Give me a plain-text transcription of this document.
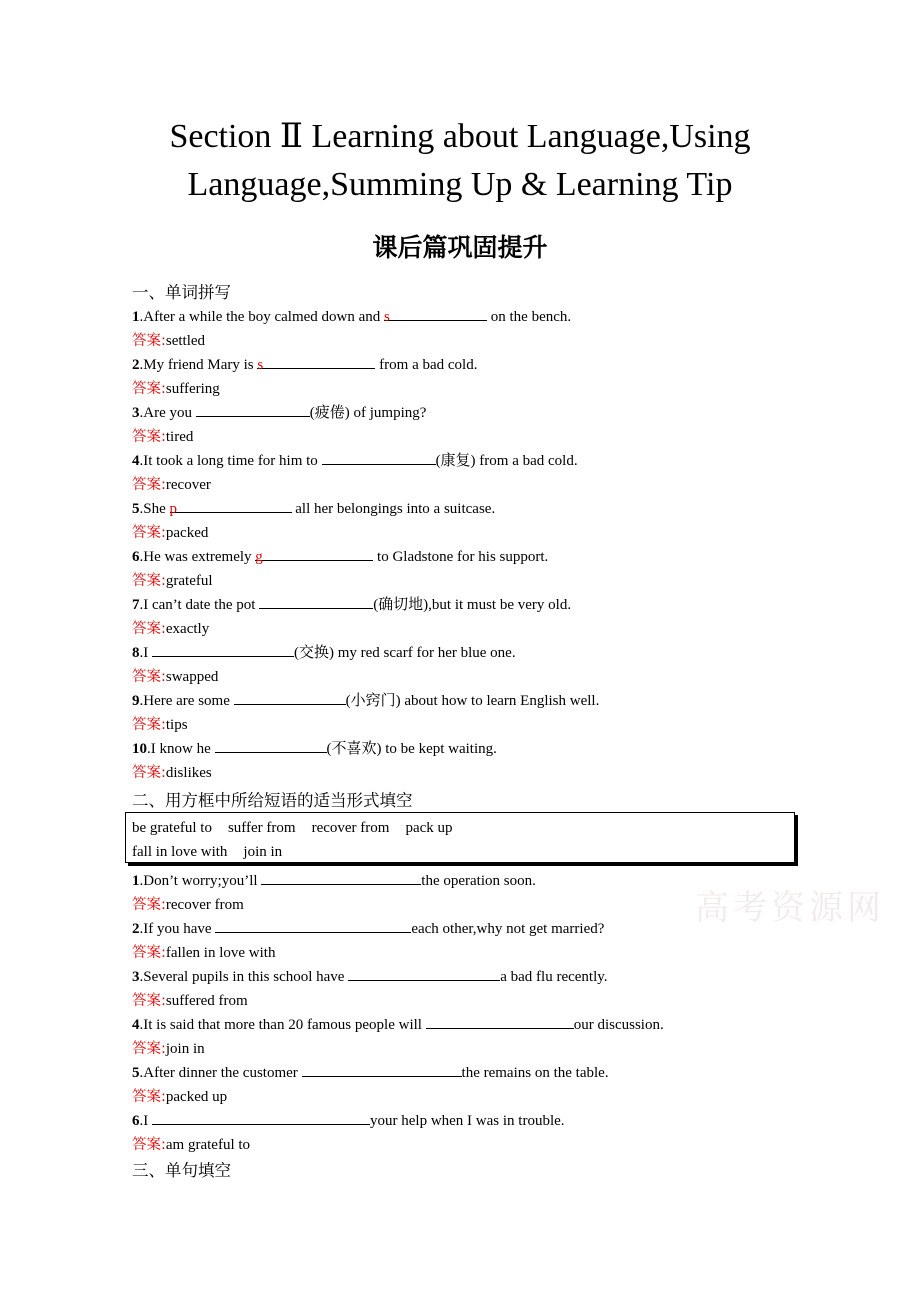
Section Ⅱ Learning about Language,Using
Language,Summing Up & Learning Tip
课后篇巩固提升
一、单词拼写
1.After a while the boy calmed down and s	on the bench.
答案:settled
2.My friend Mary is s	from a bad cold.
答案:suffering
3.Are you	(疲倦) of jumping?
答案:tired
4.It took a long time for him to	(康复) from a bad cold.
答案:recover
5.She p	all her belongings into a suitcase.
答案:packed
6.He was extremely g	to Gladstone for his support.
答案:grateful
7.I can’t date the pot	(确切地),but it must be very old.
答案:exactly
8.I	(交换) my red scarf for her blue one.
答案:swapped
9.Here are some	(小窍门) about how to learn English well.
答案:tips
10.I know he	(不喜欢) to be kept waiting.
答案:dislikes
二、用方框中所给短语的适当形式填空
be grateful to suffer from recover from pack up
fall in love with join in
1.Don’t worry;you’ll	the operation soon.
答案:recover from
2.If you have	each other,why not get married?
答案:fallen in love with
3.Several pupils in this school have	a bad flu recently.
答案:suffered from
4.It is said that more than 20 famous people will	our discussion.
答案:join in
5.After dinner the customer	the remains on the table.
答案:packed up
6.I	your help when I was in trouble.
答案:am grateful to
高考资源网
三、单句填空
